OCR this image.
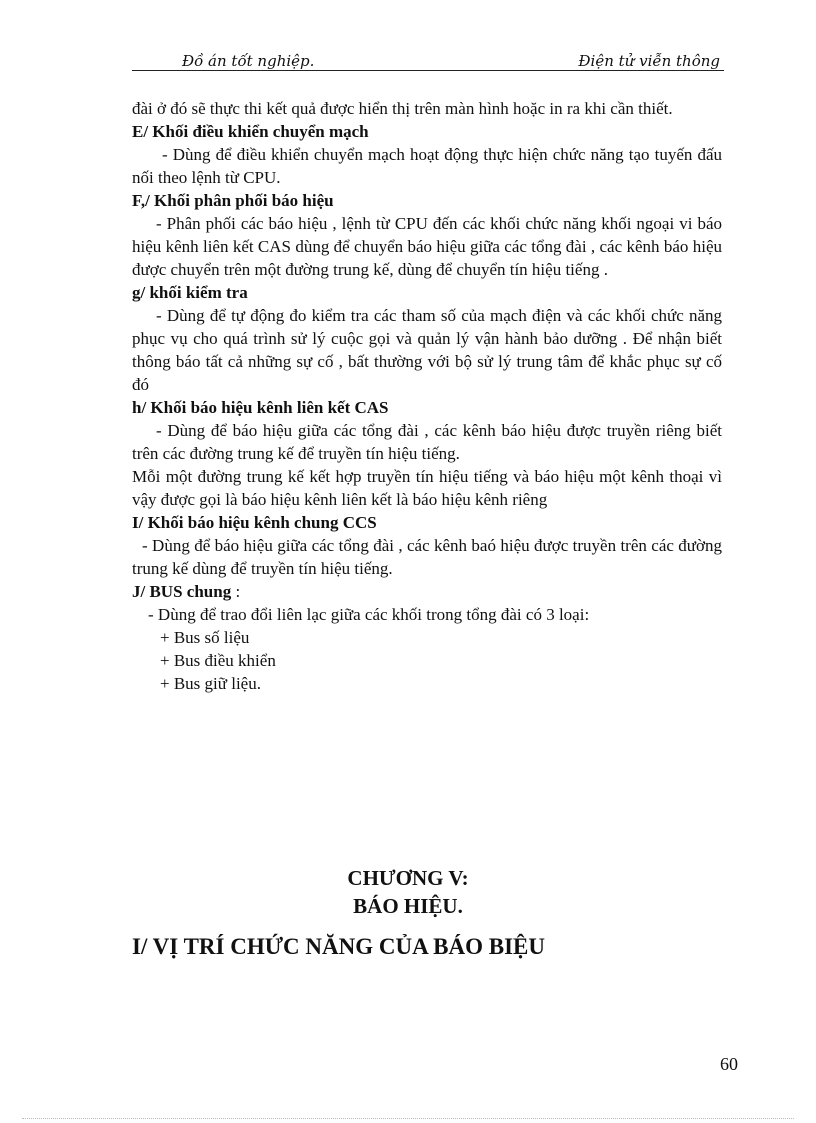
Đồ án tốt nghiệp.	Điện tử viễn thông

đài ở đó sẽ thực thi kết quả được hiển thị trên màn hình hoặc in ra khi cần thiết.

E/ Khối điều khiển chuyển mạch

- Dùng để điều khiển chuyển mạch hoạt động thực hiện chức năng tạo tuyến đấu nối theo lệnh từ CPU.

F,/ Khối phân phối báo hiệu

- Phân phối các báo hiệu , lệnh từ CPU đến các khối chức năng khối ngoại vi báo hiệu kênh liên kết CAS dùng để chuyển báo hiệu giữa các tổng đài , các kênh báo hiệu được chuyển trên một đường trung kế, dùng để chuyển tín hiệu tiếng .

g/ khối kiểm tra

- Dùng để tự động đo kiểm tra các tham số của mạch điện và các khối chức năng phục vụ cho quá trình sử lý cuộc gọi và quản lý vận hành bảo dưỡng . Để nhận biết thông báo tất cả những sự cố , bất thường với bộ sử lý trung tâm để khắc phục sự cố đó

h/ Khối báo hiệu kênh liên kết CAS

- Dùng để báo hiệu giữa các tổng đài , các kênh báo hiệu được truyền riêng biết trên các đường trung kế để truyền tín hiệu tiếng.

Mỗi một đường trung kế kết hợp truyền tín hiệu tiếng và báo hiệu một kênh thoại vì vậy được gọi là báo hiệu kênh liên kết là báo hiệu kênh riêng

I/ Khối báo hiệu kênh chung CCS

- Dùng để báo hiệu giữa các tổng đài , các kênh baó hiệu được truyền trên các đường trung kế dùng để truyền tín hiệu tiếng.

J/ BUS chung :

- Dùng để trao đổi liên lạc giữa các khối trong tổng đài có 3 loại:

+ Bus số liệu

+ Bus điều khiển

+ Bus giữ liệu.

CHƯƠNG V:
BÁO HIỆU.
I/ VỊ TRÍ CHỨC NĂNG CỦA BÁO BIỆU
60
